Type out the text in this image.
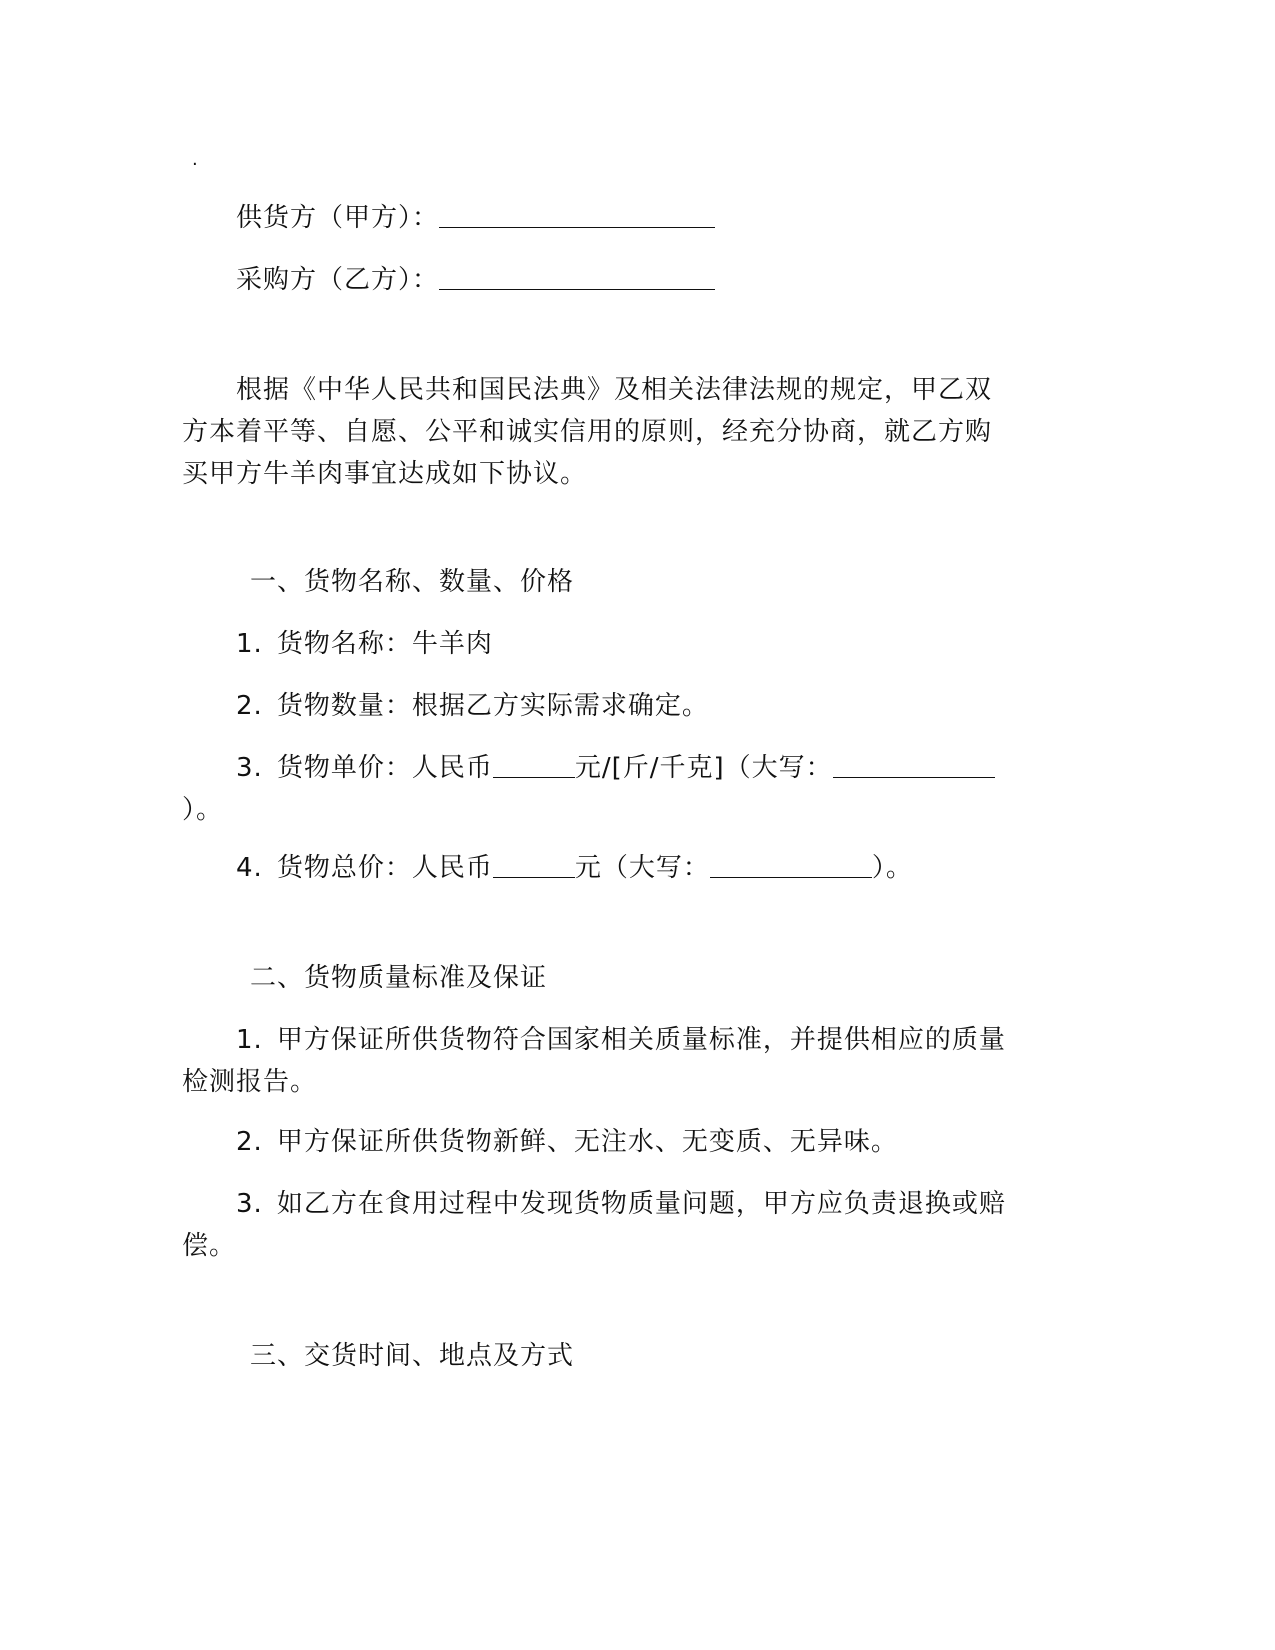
.
供货方（甲方）：
采购方（乙方）：
根据《中华人民共和国民法典》及相关法律法规的规定，甲乙双
方本着平等、自愿、公平和诚实信用的原则，经充分协商，就乙方购
买甲方牛羊肉事宜达成如下协议。
一、货物名称、数量、价格
1. 货物名称：牛羊肉
2. 货物数量：根据乙方实际需求确定。
3. 货物单价：人民币	元/[斤/千克]（大写：
）。
4. 货物总价：人民币	元（大写：	）。
二、货物质量标准及保证
1. 甲方保证所供货物符合国家相关质量标准，并提供相应的质量
检测报告。
2. 甲方保证所供货物新鲜、无注水、无变质、无异味。
3. 如乙方在食用过程中发现货物质量问题，甲方应负责退换或赔
偿。
三、交货时间、地点及方式
